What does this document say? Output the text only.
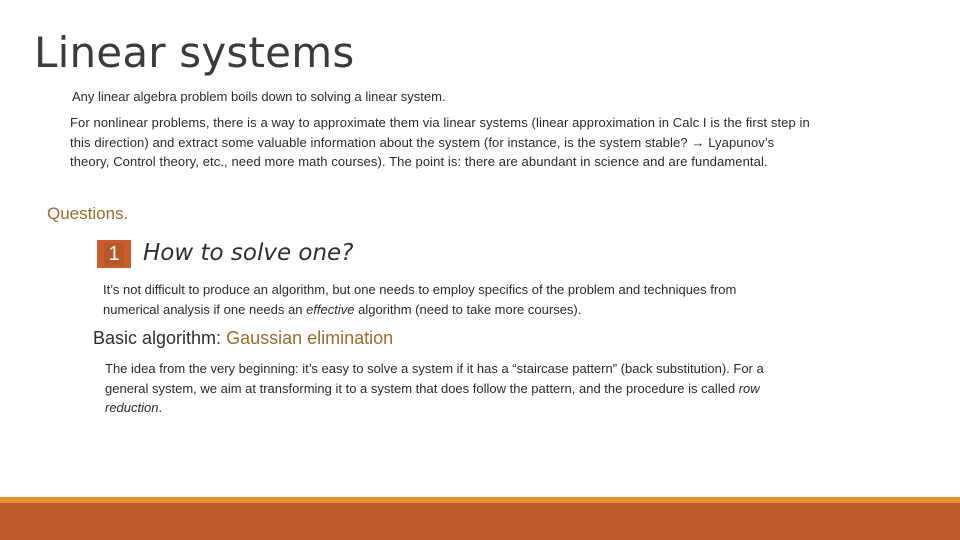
Linear systems
Any linear algebra problem boils down to solving a linear system.
For nonlinear problems, there is a way to approximate them via linear systems (linear approximation in Calc I is the first step in this direction) and extract some valuable information about the system (for instance, is the system stable? → Lyapunov’s theory, Control theory, etc., need more math courses). The point is: there are abundant in science and are fundamental.
Questions.
1 How to solve one?
It’s not difficult to produce an algorithm, but one needs to employ specifics of the problem and techniques from numerical analysis if one needs an effective algorithm (need to take more courses).
Basic algorithm: Gaussian elimination
The idea from the very beginning: it’s easy to solve a system if it has a “staircase pattern” (back substitution). For a general system, we aim at transforming it to a system that does follow the pattern, and the procedure is called row reduction.
